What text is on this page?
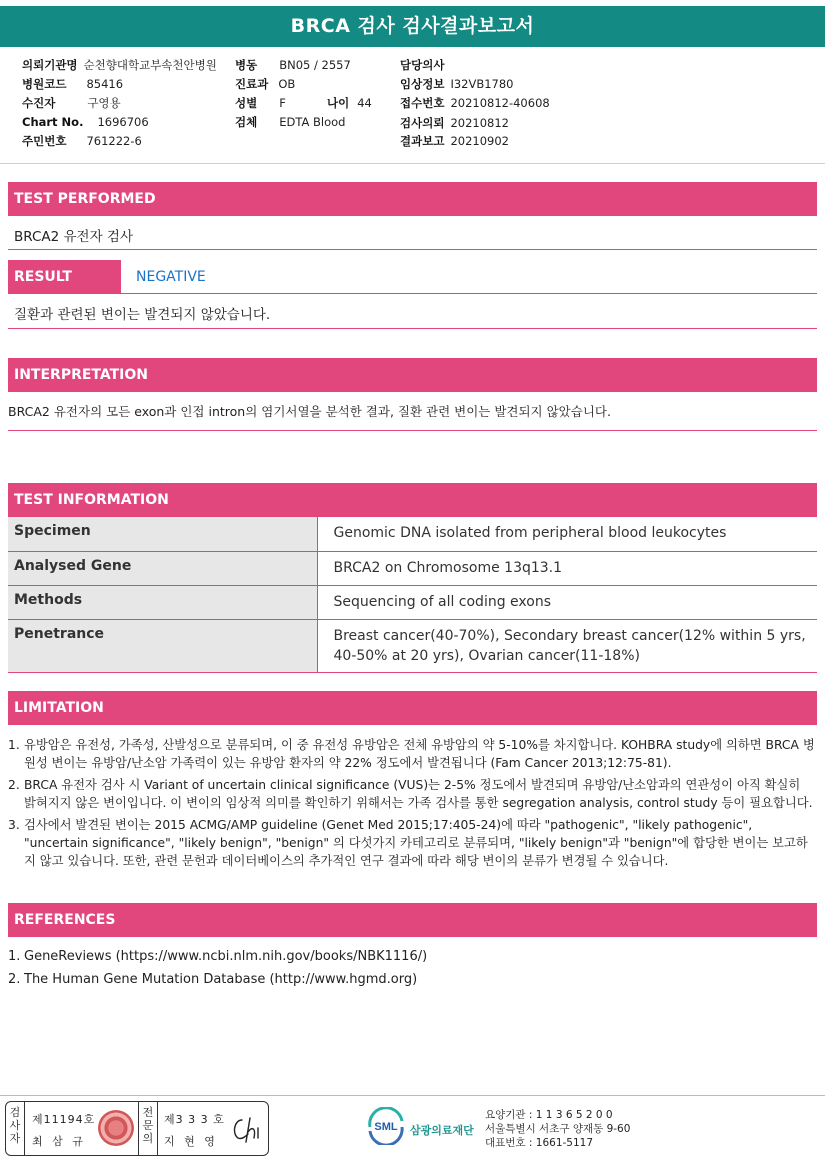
BRCA 검사 검사결과보고서
의뢰기관명 순천향대학교부속천안병원 병동 BN05 / 2557	담당의사
병원코드 85416	진료과 OB	임상정보 I32VB1780
수진자	구영용	성별 F	나이 44 접수번호 20210812-40608
Chart No. 1696706	검체 EDTA Blood	검사의뢰 20210812
주민번호 761222-6	결과보고 20210902
TEST PERFORMED
BRCA2 유전자 검사
RESULT	NEGATIVE
질환과 관련된 변이는 발견되지 않았습니다.
INTERPRETATION
BRCA2 유전자의 모든 exon과 인접 intron의 염기서열을 분석한 결과, 질환 관련 변이는 발견되지 않았습니다.
TEST INFORMATION
Specimen	Genomic DNA isolated from peripheral blood leukocytes
Analysed Gene	BRCA2 on Chromosome 13q13.1
Methods	Sequencing of all coding exons
Penetrance	Breast cancer(40-70%), Secondary breast cancer(12% within 5 yrs, 40-50% at 20 yrs), Ovarian cancer(11-18%)
LIMITATION
1. 유방암은 유전성, 가족성, 산발성으로 분류되며, 이 중 유전성 유방암은 전체 유방암의 약 5-10%를 차지합니다. KOHBRA study에 의하면 BRCA 병원성 변이는 유방암/난소암 가족력이 있는 유방암 환자의 약 22% 정도에서 발견됩니다 (Fam Cancer 2013;12:75-81).
2. BRCA 유전자 검사 시 Variant of uncertain clinical significance (VUS)는 2-5% 정도에서 발견되며 유방암/난소암과의 연관성이 아직 확실히 밝혀지지 않은 변이입니다. 이 변이의 임상적 의미를 확인하기 위해서는 가족 검사를 통한 segregation analysis, control study 등이 필요합니다.
3. 검사에서 발견된 변이는 2015 ACMG/AMP guideline (Genet Med 2015;17:405-24)에 따라 "pathogenic", "likely pathogenic", "uncertain significance", "likely benign", "benign" 의 다섯가지 카테고리로 분류되며, "likely benign"과 "benign"에 합당한 변이는 보고하지 않고 있습니다. 또한, 관련 문헌과 데이터베이스의 추가적인 연구 결과에 따라 해당 변이의 분류가 변경될 수 있습니다.
REFERENCES
1. GeneReviews (https://www.ncbi.nlm.nih.gov/books/NBK1116/)
2. The Human Gene Mutation Database (http://www.hgmd.org)
검
사
자
제11194호
최 삼 규
전
문
의
제3 3 3 호
지 현 영
SML 삼광의료재단
요양기관 : 1 1 3 6 5 2 0 0
서울특별시 서초구 양재동 9-60
대표번호 : 1661-5117
